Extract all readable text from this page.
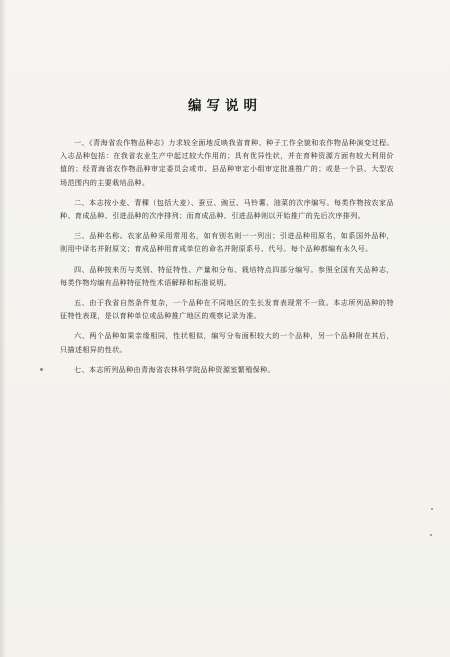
编写说明

一、《青海省农作物品种志》力求较全面地反映我省育种、种子工作全貌和农作物品种演变过程。入志品种包括：在我省农业生产中起过较大作用的；具有优异性状，并在育种资源方面有较大利用价值的；经青海省农作物品种审定委员会或市、县品种审定小组审定批准推广的；或是一个县、大型农场范围内的主要栽培品种。

二、本志按小麦、青稞（包括大麦）、蚕豆、豌豆、马铃薯、油菜的次序编写。每类作物按农家品种、育成品种、引进品种的次序排列；而育成品种、引进品种则以开始推广的先后次序排列。

三、品种名称。农家品种采用常用名，如有别名则一一列出；引进品种用原名，如系国外品种，则用中译名并附原文；育成品种用育成单位的命名并附原系号、代号。每个品种都编有永久号。

四、品种按来历与类别、特征特性、产量和分布、栽培特点四部分编写。参照全国有关品种志，每类作物均编有品种特征特性术语解释和标准说明。

五、由于我省自然条件复杂，一个品种在不同地区的生长发育表现常不一致。本志所列品种的特征特性表现，是以育种单位或品种推广地区的观察记录为准。

六、两个品种如果亲缘相同，性状相似，编写分布面积较大的一个品种，另一个品种附在其后，只描述相异的性状。

七、本志所列品种由青海省农林科学院品种资源室繁殖保种。
